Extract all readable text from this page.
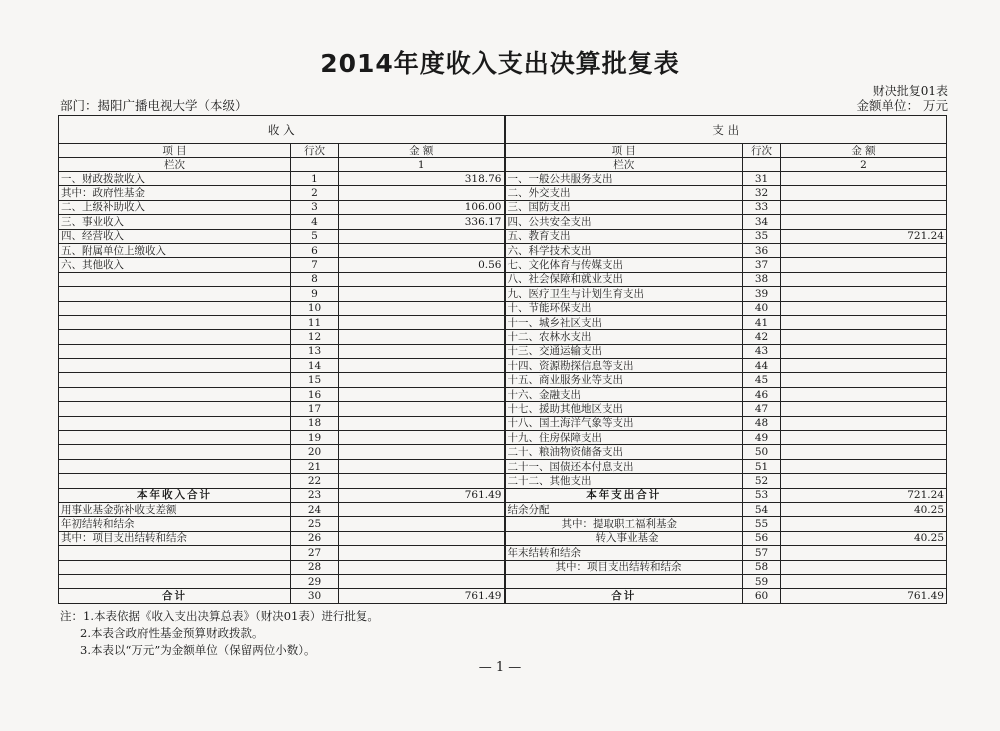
2014年度收入支出决算批复表
财决批复01表
部门：揭阳广播电视大学（本级）	金额单位： 万元
收 入			支 出		
项 目	行次	金 额	项 目	行次	金 额
栏次		1	栏次		2
一、财政拨款收入	1	318.76	一、一般公共服务支出	31	
其中：政府性基金	2		二、外交支出	32	
二、上级补助收入	3	106.00	三、国防支出	33	
三、事业收入	4	336.17	四、公共安全支出	34	
四、经营收入	5		五、教育支出	35	721.24
五、附属单位上缴收入	6		六、科学技术支出	36	
六、其他收入	7	0.56	七、文化体育与传媒支出	37	
	8		八、社会保障和就业支出	38	
	9		九、医疗卫生与计划生育支出	39	
	10		十、节能环保支出	40	
	11		十一、城乡社区支出	41	
	12		十二、农林水支出	42	
	13		十三、交通运输支出	43	
	14		十四、资源勘探信息等支出	44	
	15		十五、商业服务业等支出	45	
	16		十六、金融支出	46	
	17		十七、援助其他地区支出	47	
	18		十八、国土海洋气象等支出	48	
	19		十九、住房保障支出	49	
	20		二十、粮油物资储备支出	50	
	21		二十一、国债还本付息支出	51	
	22		二十二、其他支出	52	
本年收入合计	23	761.49	本年支出合计	53	721.24
用事业基金弥补收支差额	24		结余分配	54	40.25
年初结转和结余	25		其中：提取职工福利基金	55	
其中：项目支出结转和结余	26		转入事业基金	56	40.25
	27		年末结转和结余	57	
	28		其中：项目支出结转和结余	58	
	29			59	
合计	30	761.49	合计	60	761.49
注：1.本表依据《收入支出决算总表》（财决01表）进行批复。
2.本表含政府性基金预算财政拨款。
3.本表以“万元”为金额单位（保留两位小数）。
— 1 —
